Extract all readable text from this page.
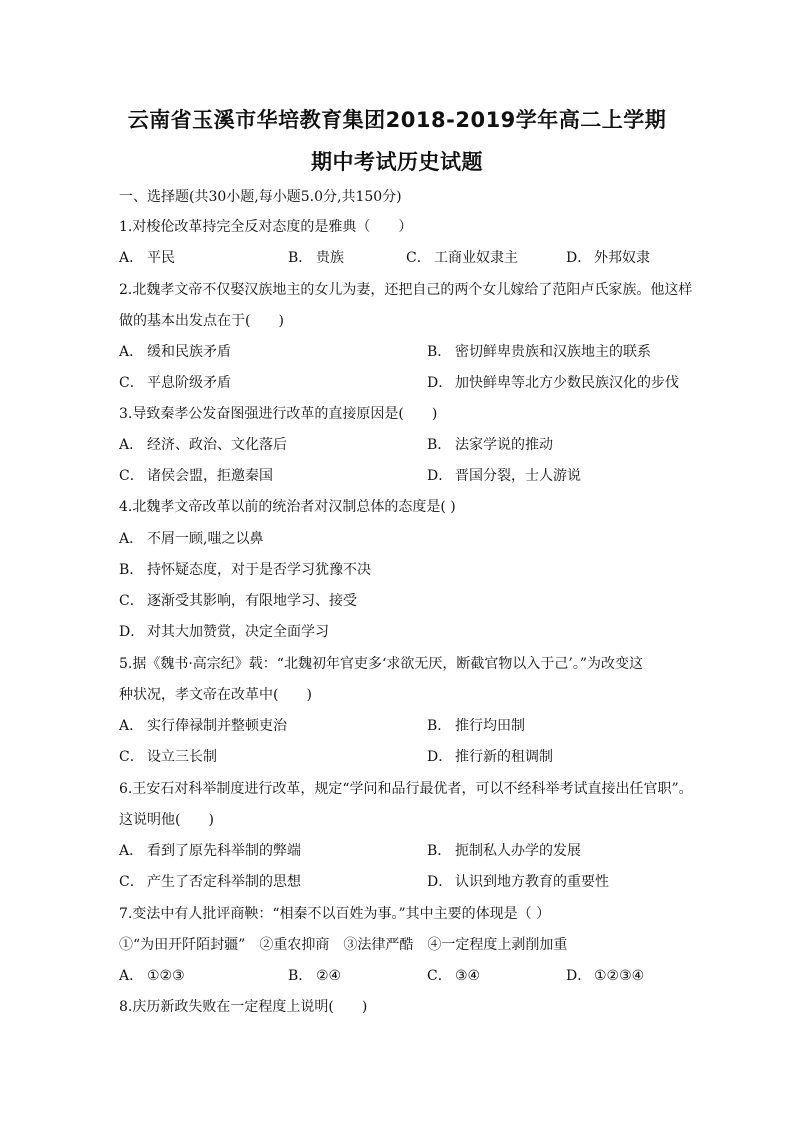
云南省玉溪市华培教育集团2018-2019学年高二上学期
期中考试历史试题
一、选择题(共30小题,每小题5.0分,共150分)
1.对梭伦改革持完全反对态度的是雅典（　　）
A． 平民	B． 贵族	C． 工商业奴隶主	D． 外邦奴隶
2.北魏孝文帝不仅娶汉族地主的女儿为妻，还把自己的两个女儿嫁给了范阳卢氏家族。他这样
做的基本出发点在于(　　)
A． 缓和民族矛盾	B． 密切鲜卑贵族和汉族地主的联系
C． 平息阶级矛盾	D． 加快鲜卑等北方少数民族汉化的步伐
3.导致秦孝公发奋图强进行改革的直接原因是(　　)
A． 经济、政治、文化落后	B． 法家学说的推动
C． 诸侯会盟，拒邀秦国	D． 晋国分裂，士人游说
4.北魏孝文帝改革以前的统治者对汉制总体的态度是( )
A． 不屑一顾,嗤之以鼻
B． 持怀疑态度，对于是否学习犹豫不决
C． 逐渐受其影响，有限地学习、接受
D． 对其大加赞赏，决定全面学习
5.据《魏书·高宗纪》载：“北魏初年官吏多‘求欲无厌，断截官物以入于己’。”为改变这
种状况，孝文帝在改革中(　　)
A． 实行俸禄制并整顿吏治	B． 推行均田制
C． 设立三长制	D． 推行新的租调制
6.王安石对科举制度进行改革，规定“学问和品行最优者，可以不经科举考试直接出任官职”。
这说明他(　　)
A． 看到了原先科举制的弊端	B． 扼制私人办学的发展
C． 产生了否定科举制的思想	D． 认识到地方教育的重要性
7.变法中有人批评商鞅：“相秦不以百姓为事。”其中主要的体现是（ ）
①“为田开阡陌封疆”　②重农抑商　③法律严酷　④一定程度上剥削加重
A． ①②③	B． ②④	C． ③④	D． ①②③④
8.庆历新政失败在一定程度上说明(　　)
